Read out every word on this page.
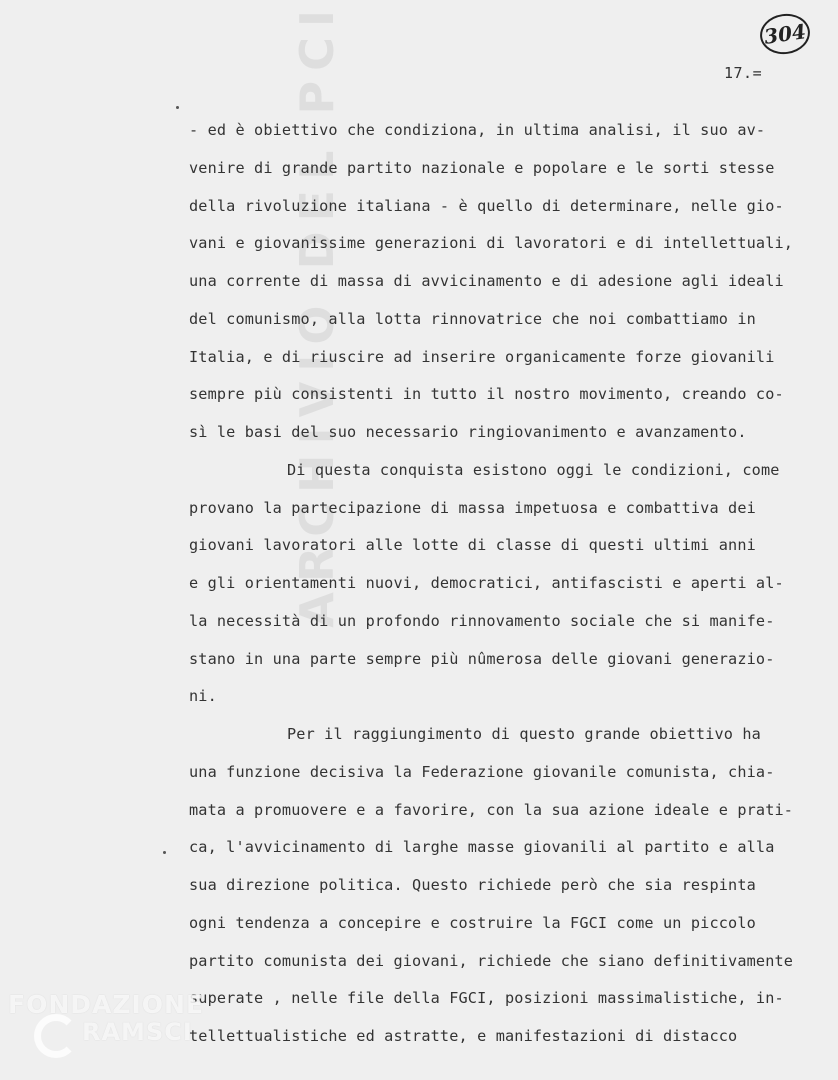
ARCHIVIO DEL PCI	304
17.=
- ed è obiettivo che condiziona, in ultima analisi, il suo av-
venire di grande partito nazionale e popolare e le sorti stesse
della rivoluzione italiana - è quello di determinare, nelle gio-
vani e giovanissime generazioni di lavoratori e di intellettuali,
una corrente di massa di avvicinamento e di adesione agli ideali
del comunismo, alla lotta rinnovatrice che noi combattiamo in
Italia, e di riuscire ad inserire organicamente forze giovanili
sempre più consistenti in tutto il nostro movimento, creando co-
sì le basi del suo necessario ringiovanimento e avanzamento.
Di questa conquista esistono oggi le condizioni, come
provano la partecipazione di massa impetuosa e combattiva dei
giovani lavoratori alle lotte di classe di questi ultimi anni
e gli orientamenti nuovi, democratici, antifascisti e aperti al-
la necessità di un profondo rinnovamento sociale che si manife-
stano in una parte sempre più nûmerosa delle giovani generazio-
ni.
Per il raggiungimento di questo grande obiettivo ha
una funzione decisiva la Federazione giovanile comunista, chia-
mata a promuovere e a favorire, con la sua azione ideale e prati-
ca, l'avvicinamento di larghe masse giovanili al partito e alla
sua direzione politica. Questo richiede però che sia respinta
ogni tendenza a concepire e costruire la FGCI come un piccolo
partito comunista dei giovani, richiede che siano definitivamente
superate , nelle file della FGCI, posizioni massimalistiche, in-
tellettualistiche ed astratte, e manifestazioni di distacco
FONDAZIONE
RAMSCI
